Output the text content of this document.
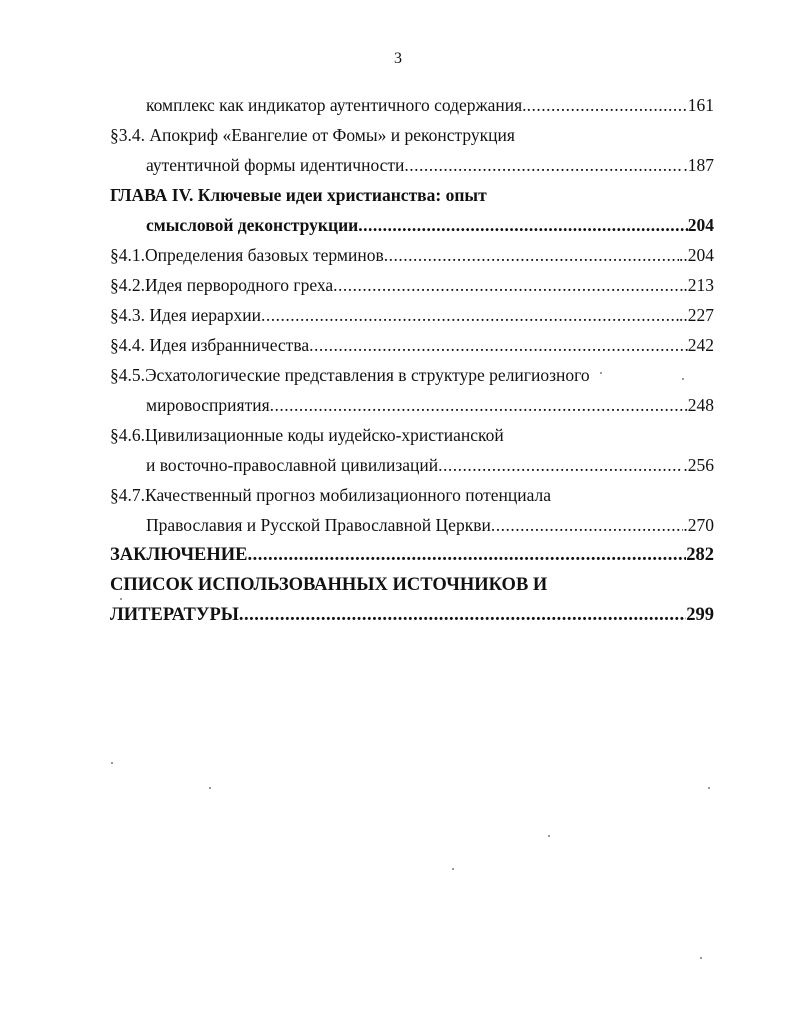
3
комплекс как индикатор аутентичного содержания. .....	161
§3.4. Апокриф «Евангелие от Фомы» и реконструкция
аутентичной формы идентичности .....	.187
ГЛАВА IV. Ключевые идеи христианства: опыт
смысловой деконструкции .....	204
§4.1.Определения базовых терминов .....	..204
§4.2.Идея первородного греха .....	.213
§4.3. Идея иерархии .....	..227
§4.4. Идея избранничества .....	242
§4.5.Эсхатологические представления в структуре религиозного
мировосприятия .....	248
§4.6.Цивилизационные коды иудейско-христианской
и восточно-православной цивилизаций .....	.256
§4.7.Качественный прогноз мобилизационного потенциала
Православия и Русской Православной Церкви .....	.270
ЗАКЛЮЧЕНИЕ .....	282
СПИСОК ИСПОЛЬЗОВАННЫХ ИСТОЧНИКОВ И
ЛИТЕРАТУРЫ .....	299
